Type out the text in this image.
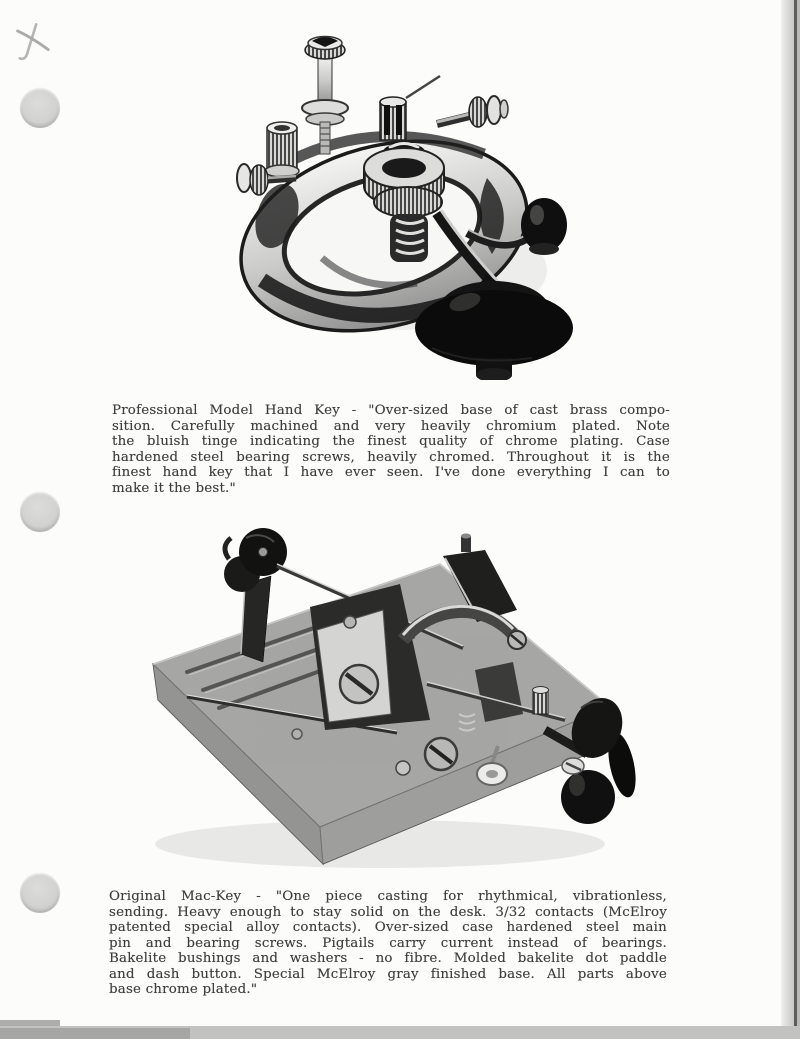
Professional Model Hand Key - "Over-sized base of cast brass compo-
sition. Carefully machined and very heavily chromium plated. Note
the bluish tinge indicating the finest quality of chrome plating. Case
hardened steel bearing screws, heavily chromed. Throughout it is the
finest hand key that I have ever seen. I've done everything I can to
make it the best."
Original Mac-Key - "One piece casting for rhythmical, vibrationless,
sending. Heavy enough to stay solid on the desk. 3/32 contacts (McElroy
patented special alloy contacts). Over-sized case hardened steel main
pin and bearing screws. Pigtails carry current instead of bearings.
Bakelite bushings and washers - no fibre. Molded bakelite dot paddle
and dash button. Special McElroy gray finished base. All parts above
base chrome plated."
